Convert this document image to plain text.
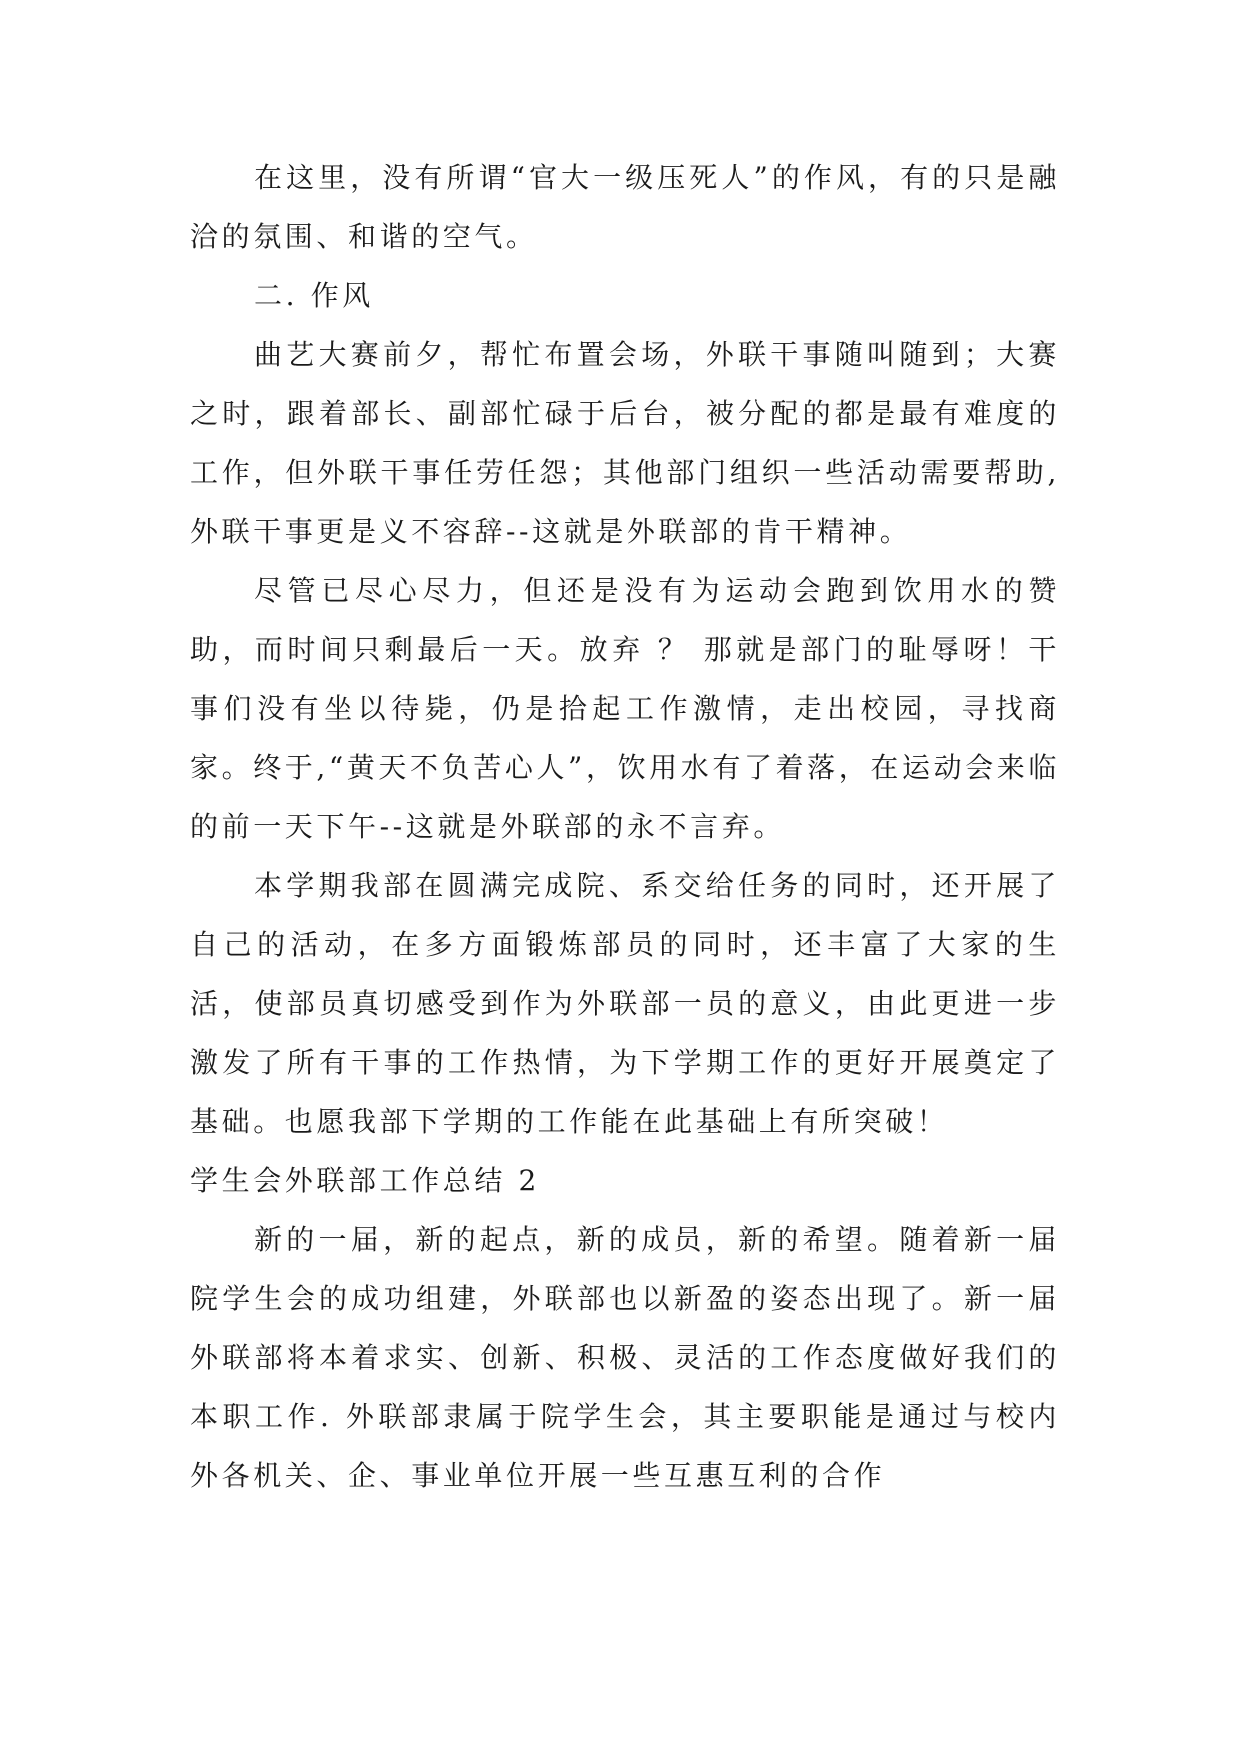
在这里，没有所谓“官大一级压死人”的作风，有的只是融洽的氛围、和谐的空气。

二. 作风

曲艺大赛前夕，帮忙布置会场，外联干事随叫随到；大赛之时，跟着部长、副部忙碌于后台，被分配的都是最有难度的工作，但外联干事任劳任怨；其他部门组织一些活动需要帮助,外联干事更是义不容辞--这就是外联部的肯干精神。

尽管已尽心尽力，但还是没有为运动会跑到饮用水的赞助，而时间只剩最后一天。放弃 ？ 那就是部门的耻辱呀！干事们没有坐以待毙，仍是拾起工作激情，走出校园，寻找商家。终于,“黄天不负苦心人”，饮用水有了着落，在运动会来临的前一天下午--这就是外联部的永不言弃。

本学期我部在圆满完成院、系交给任务的同时，还开展了自己的活动，在多方面锻炼部员的同时，还丰富了大家的生活，使部员真切感受到作为外联部一员的意义，由此更进一步激发了所有干事的工作热情，为下学期工作的更好开展奠定了基础。也愿我部下学期的工作能在此基础上有所突破！

学生会外联部工作总结 2

新的一届，新的起点，新的成员，新的希望。随着新一届院学生会的成功组建，外联部也以新盈的姿态出现了。新一届外联部将本着求实、创新、积极、灵活的工作态度做好我们的本职工作. 外联部隶属于院学生会，其主要职能是通过与校内外各机关、企、事业单位开展一些互惠互利的合作
